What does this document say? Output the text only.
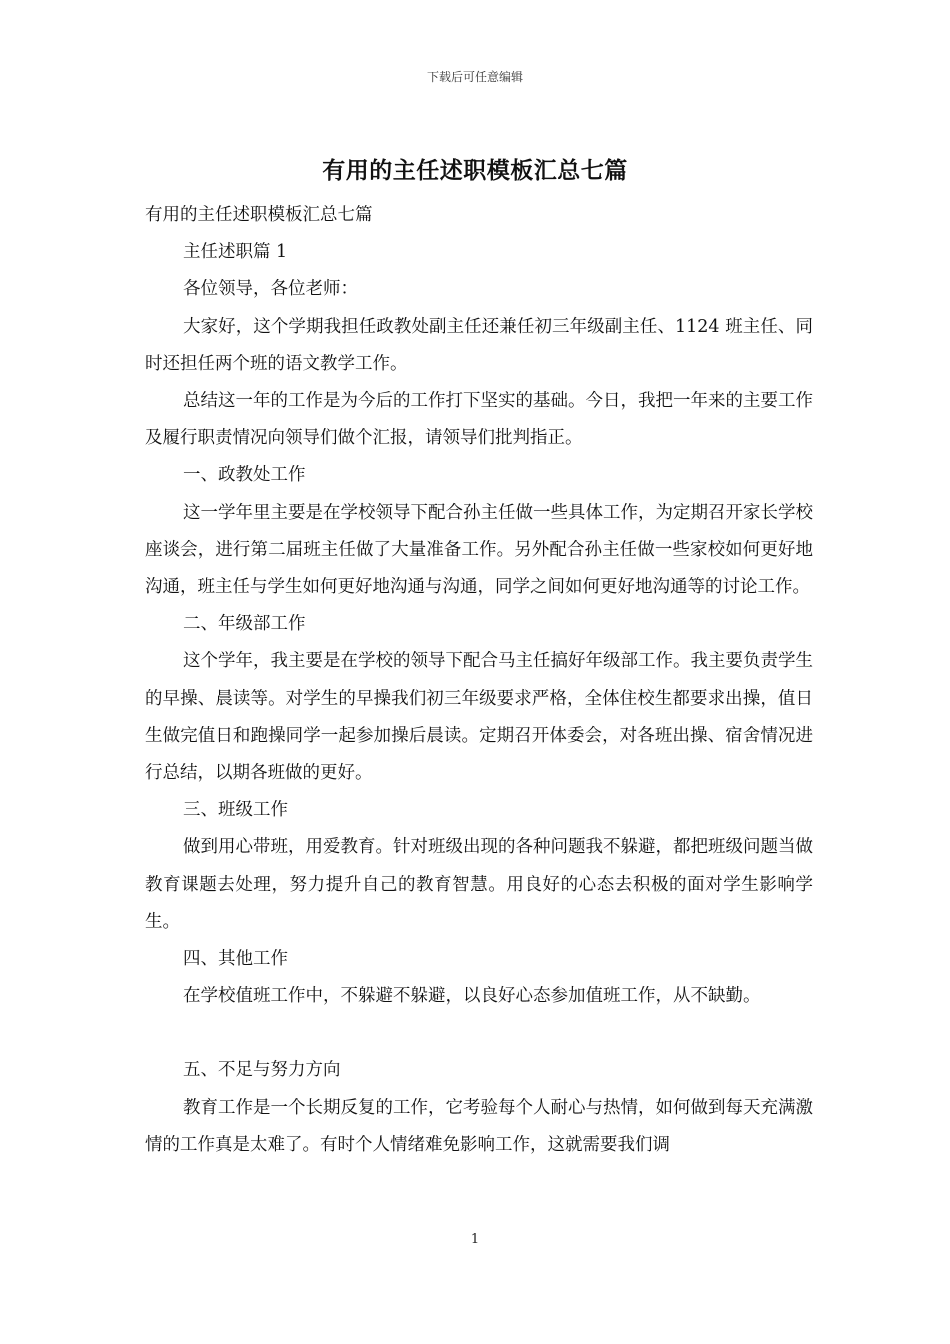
下载后可任意编辑
有用的主任述职模板汇总七篇

有用的主任述职模板汇总七篇

主任述职篇 1

各位领导，各位老师：

大家好，这个学期我担任政教处副主任还兼任初三年级副主任、1124 班主任、同时还担任两个班的语文教学工作。

总结这一年的工作是为今后的工作打下坚实的基础。今日，我把一年来的主要工作及履行职责情况向领导们做个汇报，请领导们批判指正。

一、政教处工作

这一学年里主要是在学校领导下配合孙主任做一些具体工作，为定期召开家长学校座谈会，进行第二届班主任做了大量准备工作。另外配合孙主任做一些家校如何更好地沟通，班主任与学生如何更好地沟通与沟通，同学之间如何更好地沟通等的讨论工作。

二、年级部工作

这个学年，我主要是在学校的领导下配合马主任搞好年级部工作。我主要负责学生的早操、晨读等。对学生的早操我们初三年级要求严格，全体住校生都要求出操，值日生做完值日和跑操同学一起参加操后晨读。定期召开体委会，对各班出操、宿舍情况进行总结，以期各班做的更好。

三、班级工作

做到用心带班，用爱教育。针对班级出现的各种问题我不躲避，都把班级问题当做教育课题去处理，努力提升自己的教育智慧。用良好的心态去积极的面对学生影响学生。

四、其他工作

在学校值班工作中，不躲避不躲避，以良好心态参加值班工作，从不缺勤。

五、不足与努力方向

教育工作是一个长期反复的工作，它考验每个人耐心与热情，如何做到每天充满激情的工作真是太难了。有时个人情绪难免影响工作，这就需要我们调

1
